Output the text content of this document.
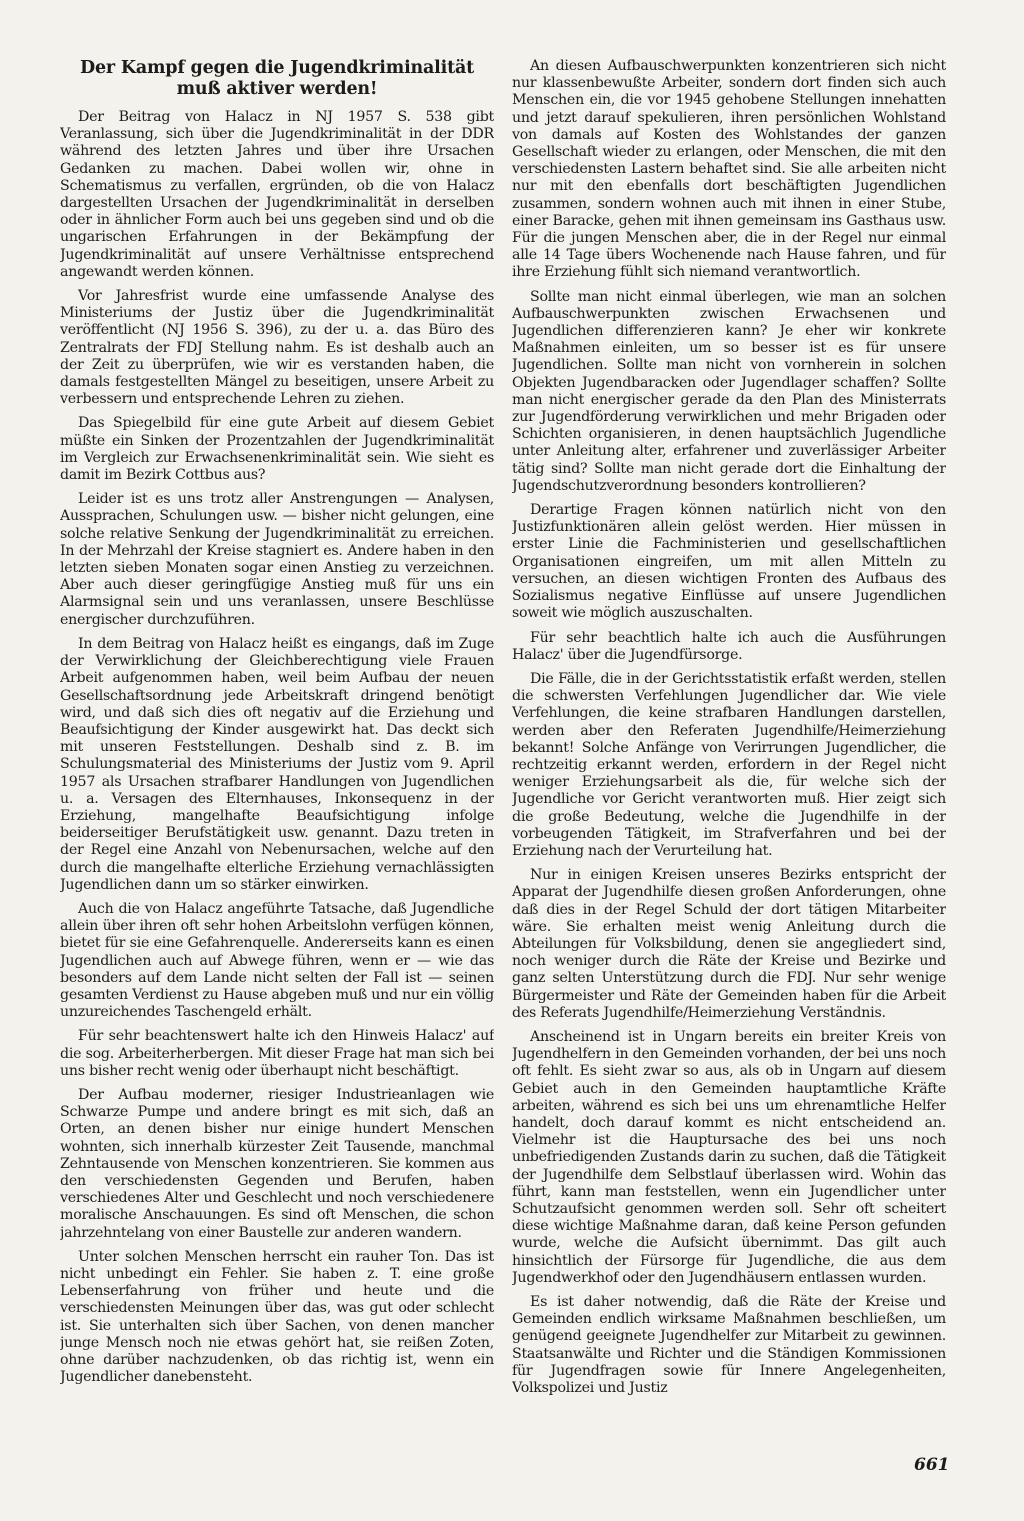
Der Kampf gegen die Jugendkriminalität
muß aktiver werden!

Der Beitrag von Halacz in NJ 1957 S. 538 gibt Veranlassung, sich über die Jugendkriminalität in der DDR während des letzten Jahres und über ihre Ursachen Gedanken zu machen. Dabei wollen wir, ohne in Schematismus zu verfallen, ergründen, ob die von Halacz dargestellten Ursachen der Jugendkriminalität in derselben oder in ähnlicher Form auch bei uns gegeben sind und ob die ungarischen Erfahrungen in der Bekämpfung der Jugendkriminalität auf unsere Verhältnisse entsprechend angewandt werden können.

Vor Jahresfrist wurde eine umfassende Analyse des Ministeriums der Justiz über die Jugendkriminalität veröffentlicht (NJ 1956 S. 396), zu der u. a. das Büro des Zentralrats der FDJ Stellung nahm. Es ist deshalb auch an der Zeit zu überprüfen, wie wir es verstanden haben, die damals festgestellten Mängel zu beseitigen, unsere Arbeit zu verbessern und entsprechende Lehren zu ziehen.

Das Spiegelbild für eine gute Arbeit auf diesem Gebiet müßte ein Sinken der Prozentzahlen der Jugendkriminalität im Vergleich zur Erwachsenenkriminalität sein. Wie sieht es damit im Bezirk Cottbus aus?

Leider ist es uns trotz aller Anstrengungen — Analysen, Aussprachen, Schulungen usw. — bisher nicht gelungen, eine solche relative Senkung der Jugendkriminalität zu erreichen. In der Mehrzahl der Kreise stagniert es. Andere haben in den letzten sieben Monaten sogar einen Anstieg zu verzeichnen. Aber auch dieser geringfügige Anstieg muß für uns ein Alarmsignal sein und uns veranlassen, unsere Beschlüsse energischer durchzuführen.

In dem Beitrag von Halacz heißt es eingangs, daß im Zuge der Verwirklichung der Gleichberechtigung viele Frauen Arbeit aufgenommen haben, weil beim Aufbau der neuen Gesellschaftsordnung jede Arbeitskraft dringend benötigt wird, und daß sich dies oft negativ auf die Erziehung und Beaufsichtigung der Kinder ausgewirkt hat. Das deckt sich mit unseren Feststellungen. Deshalb sind z. B. im Schulungsmaterial des Ministeriums der Justiz vom 9. April 1957 als Ursachen strafbarer Handlungen von Jugendlichen u. a. Versagen des Elternhauses, Inkonsequenz in der Erziehung, mangelhafte Beaufsichtigung infolge beiderseitiger Berufstätigkeit usw. genannt. Dazu treten in der Regel eine Anzahl von Nebenursachen, welche auf den durch die mangelhafte elterliche Erziehung vernachlässigten Jugendlichen dann um so stärker einwirken.

Auch die von Halacz angeführte Tatsache, daß Jugendliche allein über ihren oft sehr hohen Arbeitslohn verfügen können, bietet für sie eine Gefahrenquelle. Andererseits kann es einen Jugendlichen auch auf Abwege führen, wenn er — wie das besonders auf dem Lande nicht selten der Fall ist — seinen gesamten Verdienst zu Hause abgeben muß und nur ein völlig unzureichendes Taschengeld erhält.

Für sehr beachtenswert halte ich den Hinweis Halacz' auf die sog. Arbeiterherbergen. Mit dieser Frage hat man sich bei uns bisher recht wenig oder überhaupt nicht beschäftigt.

Der Aufbau moderner, riesiger Industrieanlagen wie Schwarze Pumpe und andere bringt es mit sich, daß an Orten, an denen bisher nur einige hundert Menschen wohnten, sich innerhalb kürzester Zeit Tausende, manchmal Zehntausende von Menschen konzentrieren. Sie kommen aus den verschiedensten Gegenden und Berufen, haben verschiedenes Alter und Geschlecht und noch verschiedenere moralische Anschauungen. Es sind oft Menschen, die schon jahrzehntelang von einer Baustelle zur anderen wandern.

Unter solchen Menschen herrscht ein rauher Ton. Das ist nicht unbedingt ein Fehler. Sie haben z. T. eine große Lebenserfahrung von früher und heute und die verschiedensten Meinungen über das, was gut oder schlecht ist. Sie unterhalten sich über Sachen, von denen mancher junge Mensch noch nie etwas gehört hat, sie reißen Zoten, ohne darüber nachzudenken, ob das richtig ist, wenn ein Jugendlicher danebensteht.

An diesen Aufbauschwerpunkten konzentrieren sich nicht nur klassenbewußte Arbeiter, sondern dort finden sich auch Menschen ein, die vor 1945 gehobene Stellungen innehatten und jetzt darauf spekulieren, ihren persönlichen Wohlstand von damals auf Kosten des Wohlstandes der ganzen Gesellschaft wieder zu erlangen, oder Menschen, die mit den verschiedensten Lastern behaftet sind. Sie alle arbeiten nicht nur mit den ebenfalls dort beschäftigten Jugendlichen zusammen, sondern wohnen auch mit ihnen in einer Stube, einer Baracke, gehen mit ihnen gemeinsam ins Gasthaus usw. Für die jungen Menschen aber, die in der Regel nur einmal alle 14 Tage übers Wochenende nach Hause fahren, und für ihre Erziehung fühlt sich niemand verantwortlich.

Sollte man nicht einmal überlegen, wie man an solchen Aufbauschwerpunkten zwischen Erwachsenen und Jugendlichen differenzieren kann? Je eher wir konkrete Maßnahmen einleiten, um so besser ist es für unsere Jugendlichen. Sollte man nicht von vornherein in solchen Objekten Jugendbaracken oder Jugendlager schaffen? Sollte man nicht energischer gerade da den Plan des Ministerrats zur Jugendförderung verwirklichen und mehr Brigaden oder Schichten organisieren, in denen hauptsächlich Jugendliche unter Anleitung alter, erfahrener und zuverlässiger Arbeiter tätig sind? Sollte man nicht gerade dort die Einhaltung der Jugendschutzverordnung besonders kontrollieren?

Derartige Fragen können natürlich nicht von den Justizfunktionären allein gelöst werden. Hier müssen in erster Linie die Fachministerien und gesellschaftlichen Organisationen eingreifen, um mit allen Mitteln zu versuchen, an diesen wichtigen Fronten des Aufbaus des Sozialismus negative Einflüsse auf unsere Jugendlichen soweit wie möglich auszuschalten.

Für sehr beachtlich halte ich auch die Ausführungen Halacz' über die Jugendfürsorge.

Die Fälle, die in der Gerichtsstatistik erfaßt werden, stellen die schwersten Verfehlungen Jugendlicher dar. Wie viele Verfehlungen, die keine strafbaren Handlungen darstellen, werden aber den Referaten Jugendhilfe/Heimerziehung bekannt! Solche Anfänge von Verirrungen Jugendlicher, die rechtzeitig erkannt werden, erfordern in der Regel nicht weniger Erziehungsarbeit als die, für welche sich der Jugendliche vor Gericht verantworten muß. Hier zeigt sich die große Bedeutung, welche die Jugendhilfe in der vorbeugenden Tätigkeit, im Strafverfahren und bei der Erziehung nach der Verurteilung hat.

Nur in einigen Kreisen unseres Bezirks entspricht der Apparat der Jugendhilfe diesen großen Anforderungen, ohne daß dies in der Regel Schuld der dort tätigen Mitarbeiter wäre. Sie erhalten meist wenig Anleitung durch die Abteilungen für Volksbildung, denen sie angegliedert sind, noch weniger durch die Räte der Kreise und Bezirke und ganz selten Unterstützung durch die FDJ. Nur sehr wenige Bürgermeister und Räte der Gemeinden haben für die Arbeit des Referats Jugendhilfe/Heimerziehung Verständnis.

Anscheinend ist in Ungarn bereits ein breiter Kreis von Jugendhelfern in den Gemeinden vorhanden, der bei uns noch oft fehlt. Es sieht zwar so aus, als ob in Ungarn auf diesem Gebiet auch in den Gemeinden hauptamtliche Kräfte arbeiten, während es sich bei uns um ehrenamtliche Helfer handelt, doch darauf kommt es nicht entscheidend an. Vielmehr ist die Hauptursache des bei uns noch unbefriedigenden Zustands darin zu suchen, daß die Tätigkeit der Jugendhilfe dem Selbstlauf überlassen wird. Wohin das führt, kann man feststellen, wenn ein Jugendlicher unter Schutzaufsicht genommen werden soll. Sehr oft scheitert diese wichtige Maßnahme daran, daß keine Person gefunden wurde, welche die Aufsicht übernimmt. Das gilt auch hinsichtlich der Fürsorge für Jugendliche, die aus dem Jugendwerkhof oder den Jugendhäusern entlassen wurden.

Es ist daher notwendig, daß die Räte der Kreise und Gemeinden endlich wirksame Maßnahmen beschließen, um genügend geeignete Jugendhelfer zur Mitarbeit zu gewinnen. Staatsanwälte und Richter und die Ständigen Kommissionen für Jugendfragen sowie für Innere Angelegenheiten, Volkspolizei und Justiz

661
